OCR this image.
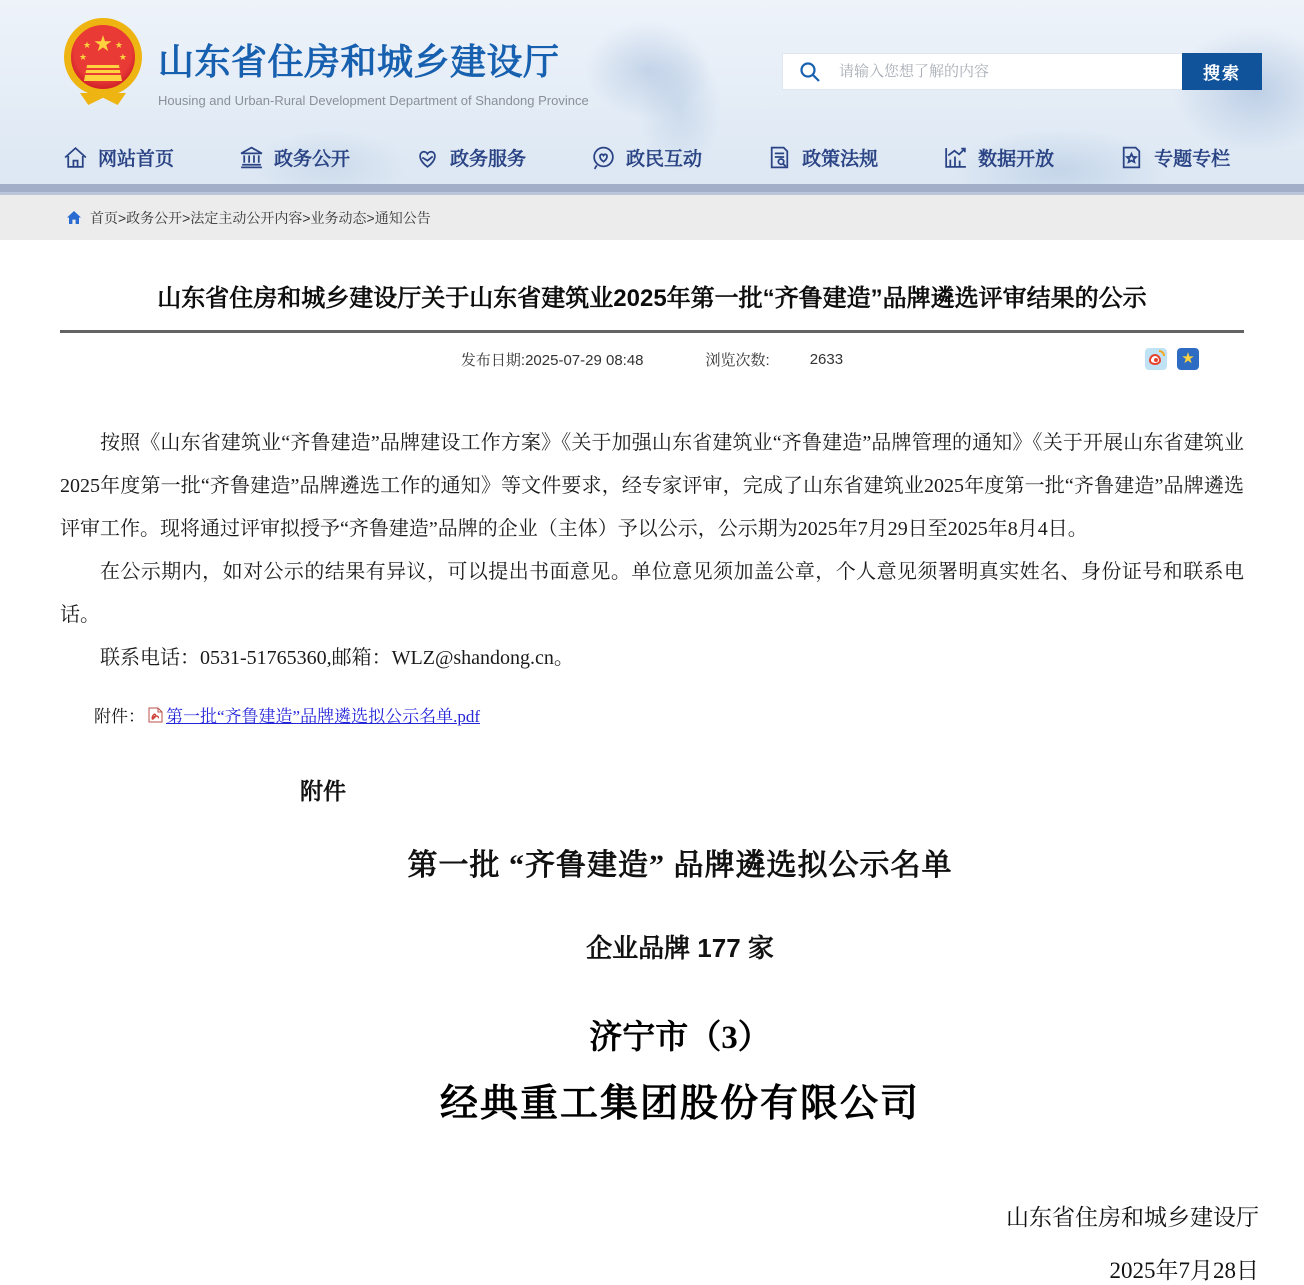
★
★	★
★	★ 山东省住房和城乡建设厅
Housing and Urban-Rural Development Department of Shandong Province
请输入您想了解的内容
搜索
网站首页	政务公开	政务服务	政民互动	政策法规	数据开放	专题专栏
首页>政务公开>法定主动公开内容>业务动态>通知公告
山东省住房和城乡建设厅关于山东省建筑业2025年第一批“齐鲁建造”品牌遴选评审结果的公示
发布日期:2025-07-29 08:48	浏览次数:	2633	★

按照《山东省建筑业“齐鲁建造”品牌建设工作方案》《关于加强山东省建筑业“齐鲁建造”品牌管理的通知》《关于开展山东省建筑业2025年度第一批“齐鲁建造”品牌遴选工作的通知》等文件要求，经专家评审，完成了山东省建筑业2025年度第一批“齐鲁建造”品牌遴选评审工作。现将通过评审拟授予“齐鲁建造”品牌的企业（主体）予以公示，公示期为2025年7月29日至2025年8月4日。

在公示期内，如对公示的结果有异议，可以提出书面意见。单位意见须加盖公章，个人意见须署明真实姓名、身份证号和联系电话。

联系电话：0531-51765360,邮箱：WLZ@shandong.cn。

附件： 第一批“齐鲁建造”品牌遴选拟公示名单.pdf
附件
第一批 “齐鲁建造” 品牌遴选拟公示名单
企业品牌 177 家
济宁市（3）
经典重工集团股份有限公司
山东省住房和城乡建设厅
2025年7月28日
